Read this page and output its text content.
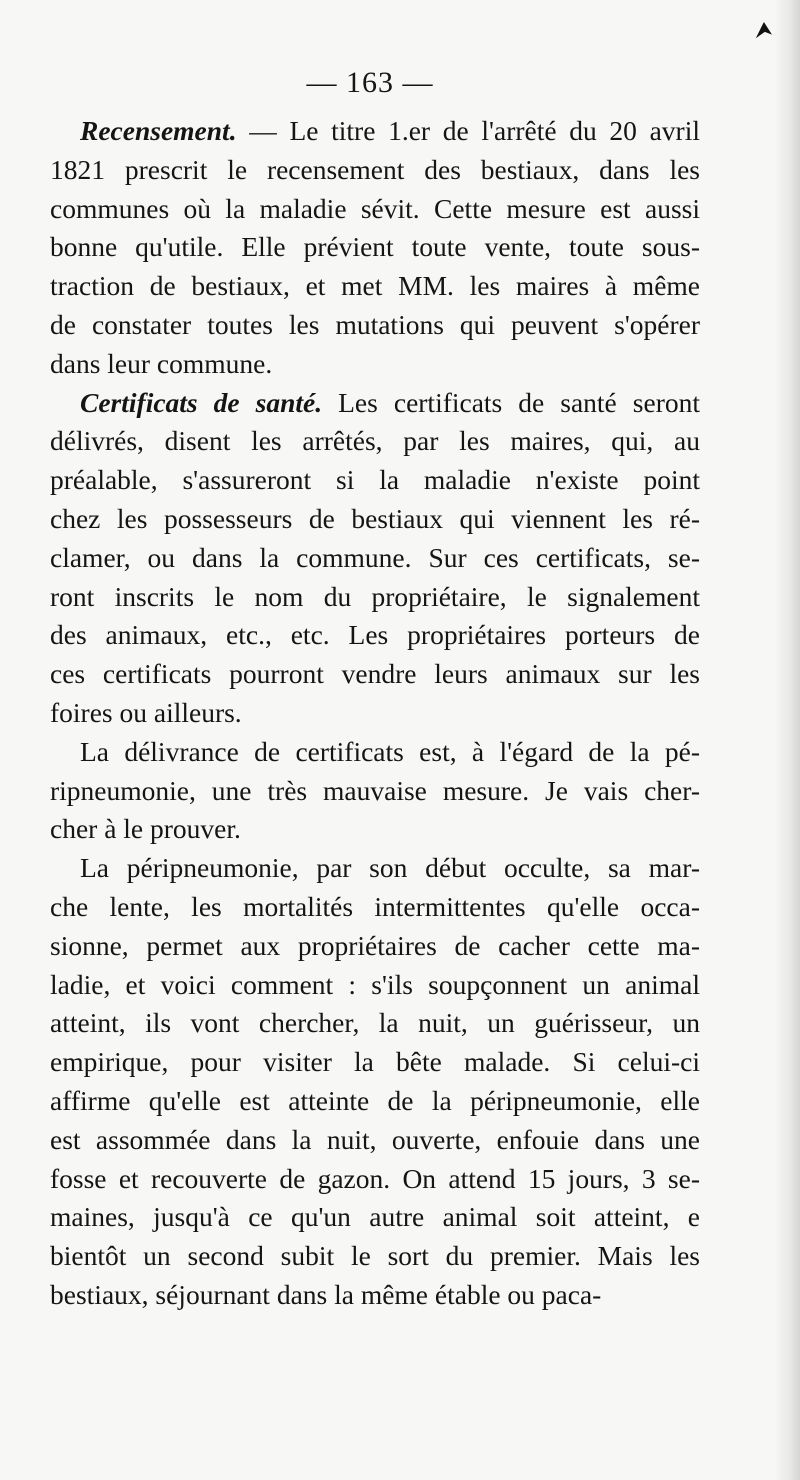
— 163 —
Recensement. — Le titre 1.er de l'arrêté du 20 avril
1821 prescrit le recensement des bestiaux, dans les
communes où la maladie sévit. Cette mesure est aussi
bonne qu'utile. Elle prévient toute vente, toute sous-
traction de bestiaux, et met MM. les maires à même
de constater toutes les mutations qui peuvent s'opérer
dans leur commune.
Certificats de santé. Les certificats de santé seront
délivrés, disent les arrêtés, par les maires, qui, au
préalable, s'assureront si la maladie n'existe point
chez les possesseurs de bestiaux qui viennent les ré-
clamer, ou dans la commune. Sur ces certificats, se-
ront inscrits le nom du propriétaire, le signalement
des animaux, etc., etc. Les propriétaires porteurs de
ces certificats pourront vendre leurs animaux sur les
foires ou ailleurs.
La délivrance de certificats est, à l'égard de la pé-
ripneumonie, une très mauvaise mesure. Je vais cher-
cher à le prouver.
La péripneumonie, par son début occulte, sa mar-
che lente, les mortalités intermittentes qu'elle occa-
sionne, permet aux propriétaires de cacher cette ma-
ladie, et voici comment : s'ils soupçonnent un animal
atteint, ils vont chercher, la nuit, un guérisseur, un
empirique, pour visiter la bête malade. Si celui-ci
affirme qu'elle est atteinte de la péripneumonie, elle
est assommée dans la nuit, ouverte, enfouie dans une
fosse et recouverte de gazon. On attend 15 jours, 3 se-
maines, jusqu'à ce qu'un autre animal soit atteint, e
bientôt un second subit le sort du premier. Mais les
bestiaux, séjournant dans la même étable ou paca-
